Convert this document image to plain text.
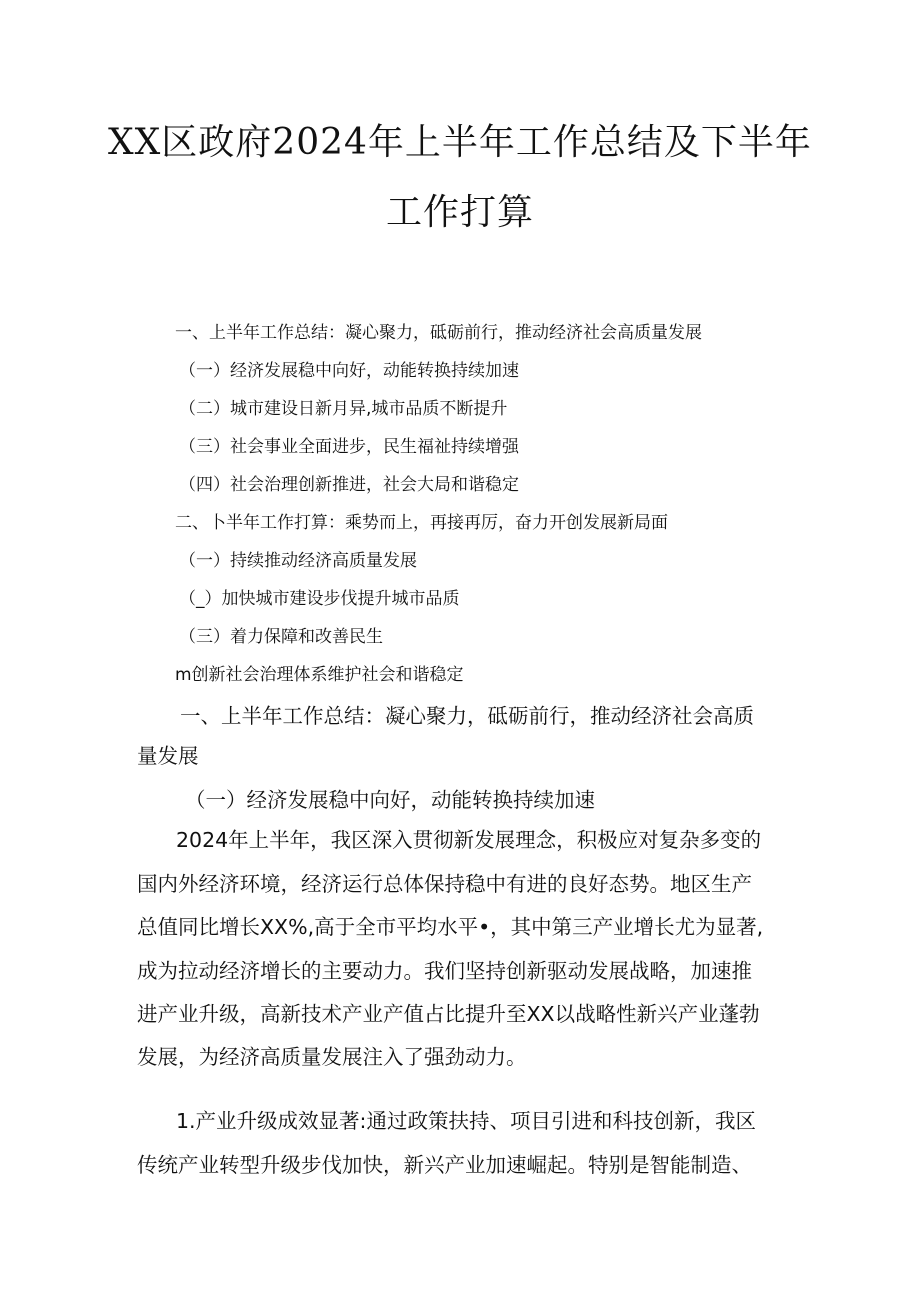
XX区政府2024年上半年工作总结及下半年
工作打算
一、上半年工作总结：凝心聚力，砥砺前行，推动经济社会高质量发展
（一）经济发展稳中向好，动能转换持续加速
（二）城市建设日新月异,城市品质不断提升
（三）社会事业全面进步，民生福祉持续增强
（四）社会治理创新推进，社会大局和谐稳定
二、卜半年工作打算：乘势而上，再接再厉，奋力开创发展新局面
（一）持续推动经济高质量发展
（_）加快城市建设步伐提升城市品质
（三）着力保障和改善民生
m创新社会治理体系维护社会和谐稳定
一、上半年工作总结：凝心聚力，砥砺前行，推动经济社会高质
量发展
（一）经济发展稳中向好，动能转换持续加速
2024年上半年，我区深入贯彻新发展理念，积极应对复杂多变的
国内外经济环境，经济运行总体保持稳中有进的良好态势。地区生产
总值同比增长XX%,高于全市平均水平•，其中第三产业增长尤为显著,
成为拉动经济增长的主要动力。我们坚持创新驱动发展战略，加速推
进产业升级，高新技术产业产值占比提升至XX以战略性新兴产业蓬勃
发展，为经济高质量发展注入了强劲动力。
1.产业升级成效显著:通过政策扶持、项目引进和科技创新，我区
传统产业转型升级步伐加快，新兴产业加速崛起。特别是智能制造、
